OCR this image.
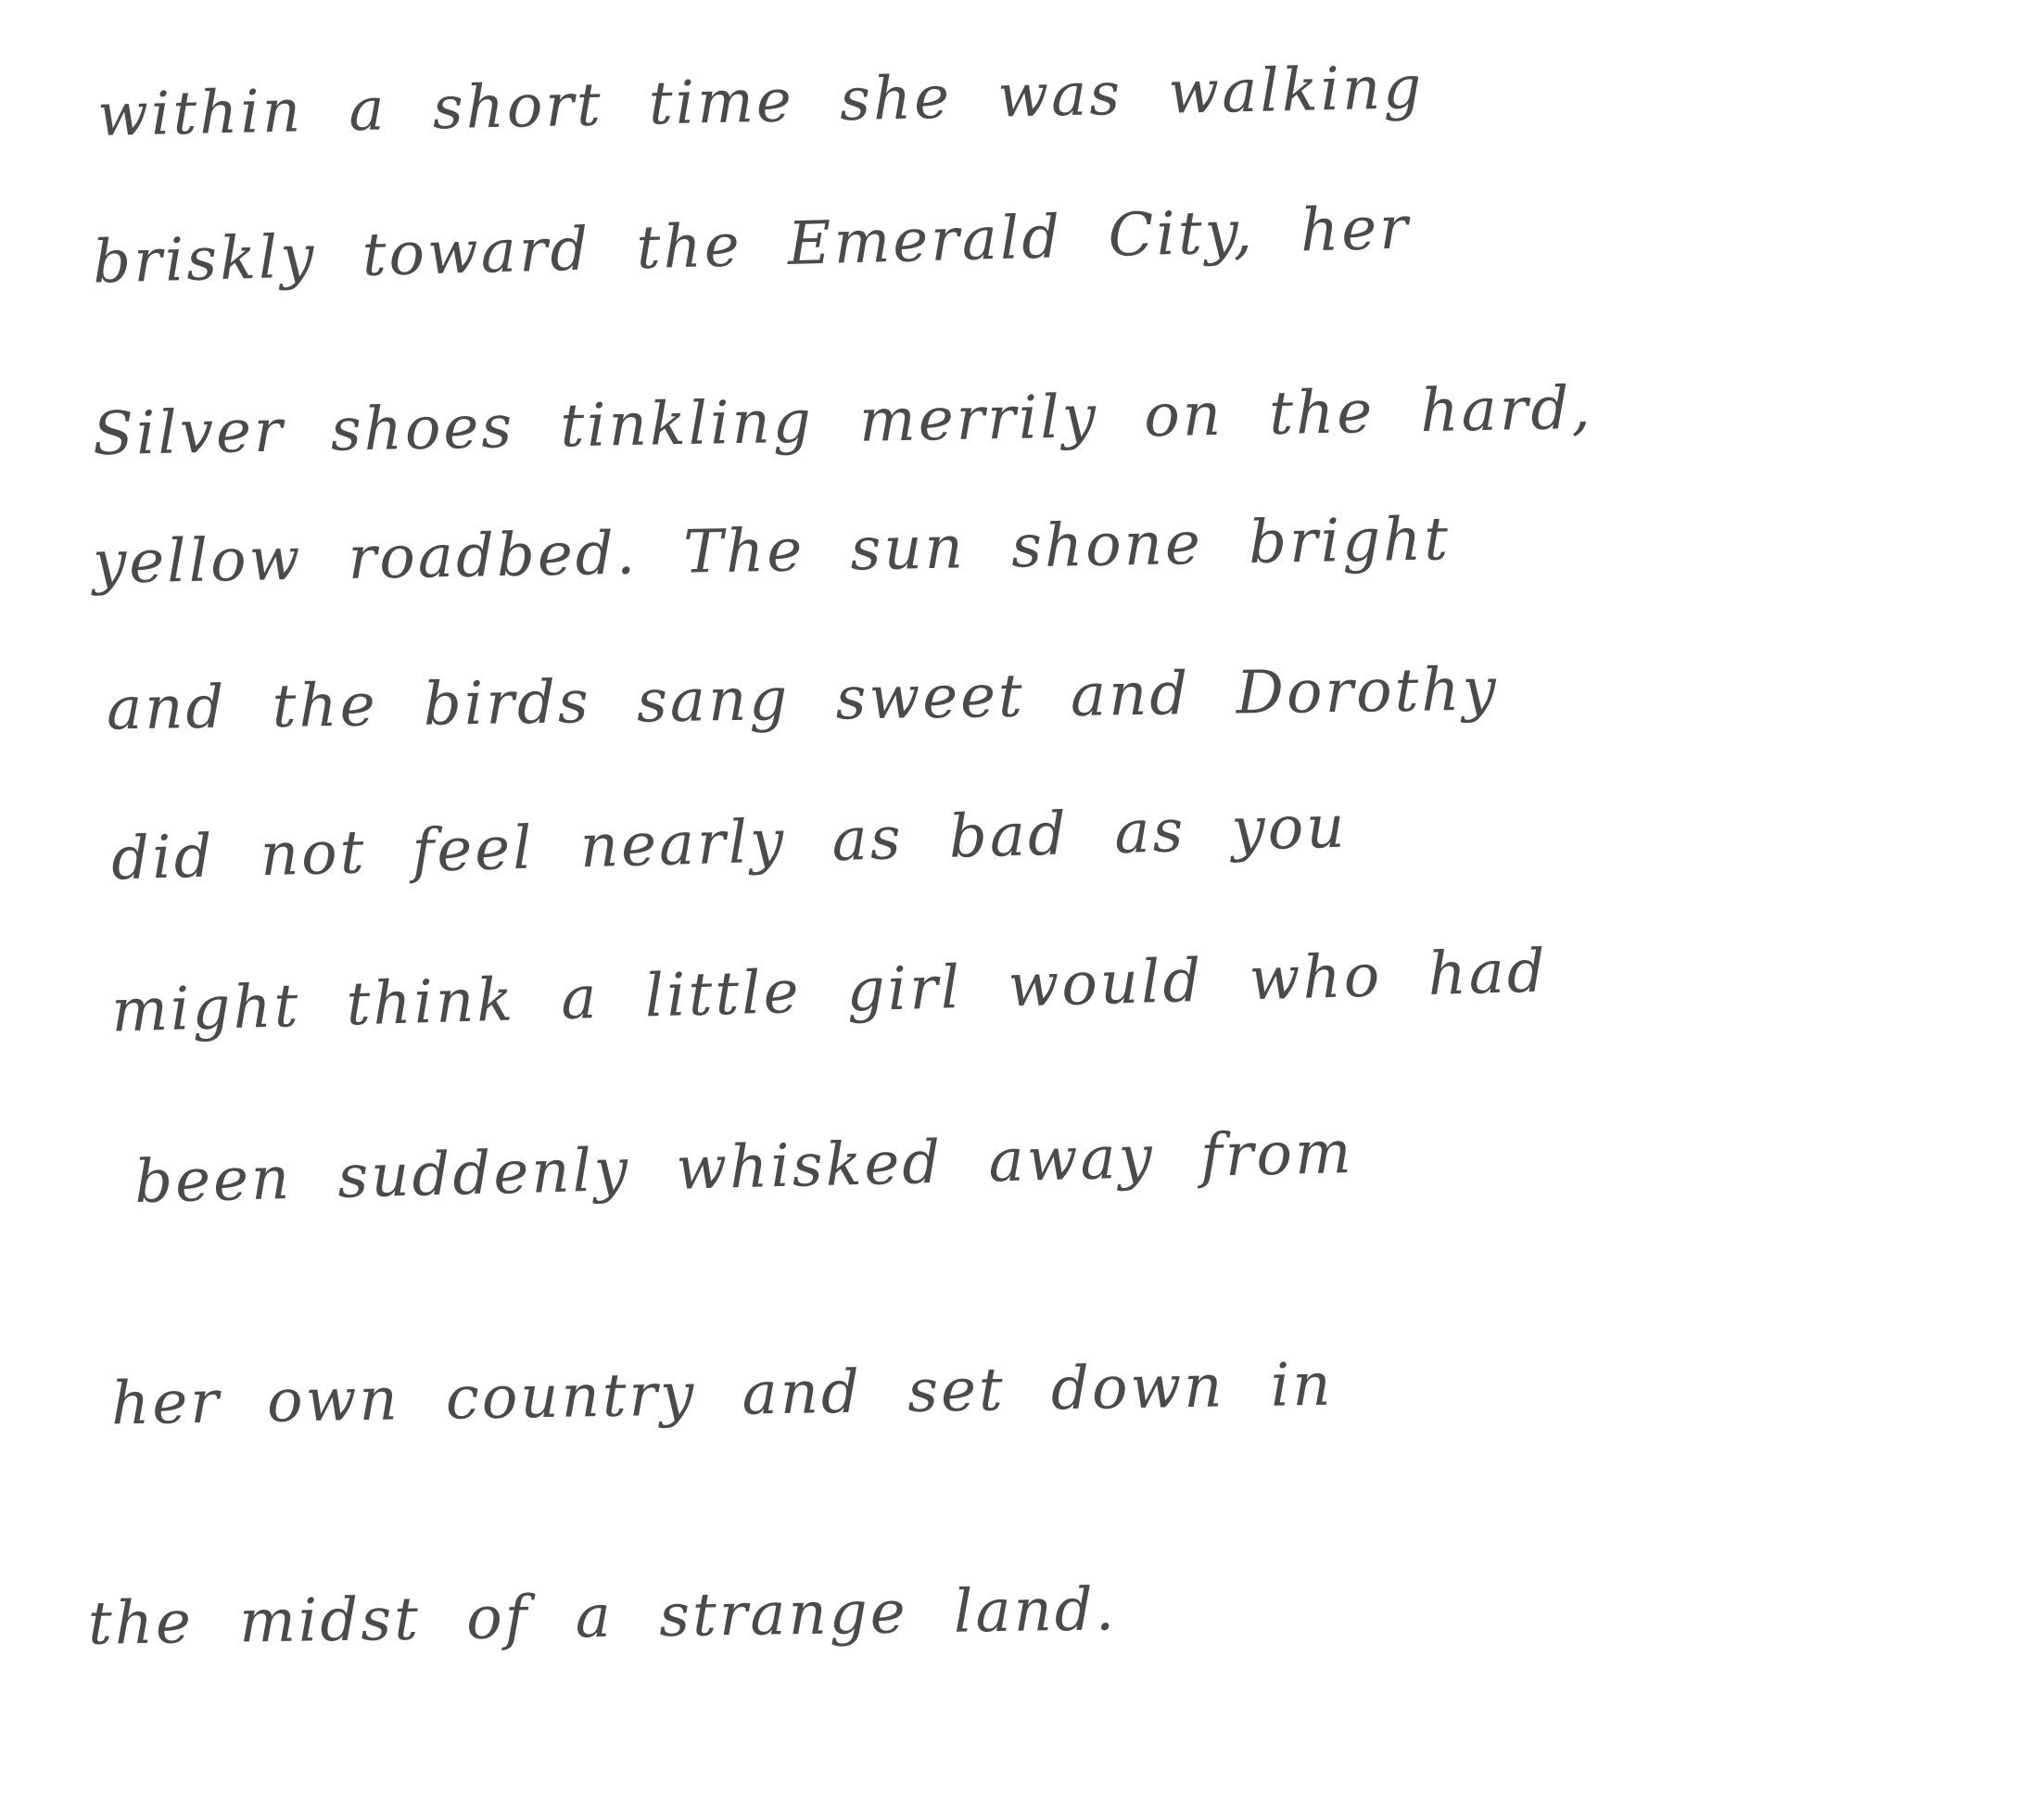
within a short time she was walking

briskly toward the Emerald City, her

Silver shoes tinkling merrily on the hard,

yellow roadbed. The sun shone bright

and the birds sang sweet and Dorothy

did not feel nearly as bad as you

might think a little girl would who had

been suddenly whisked away from

her own country and set down in

the midst of a strange land.
